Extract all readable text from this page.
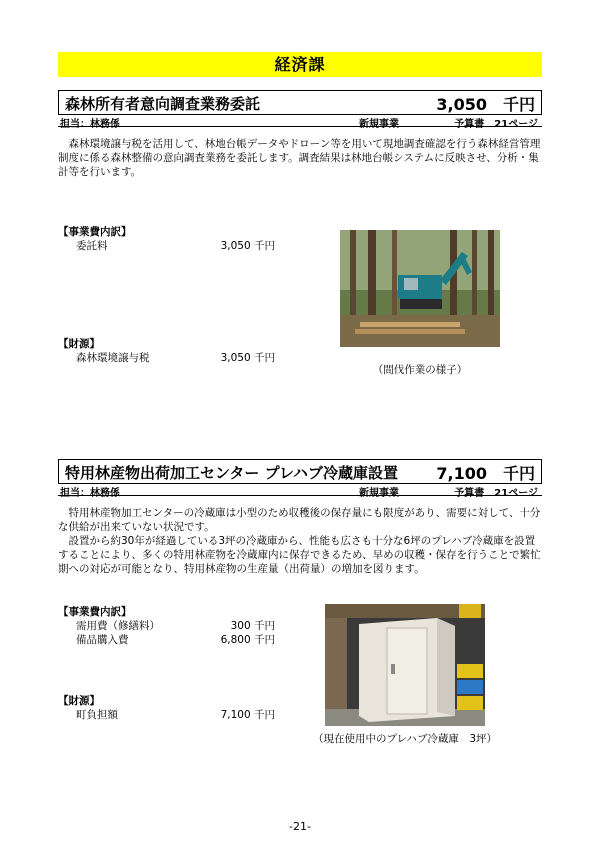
経済課
森林所有者意向調査業務委託	3,050　千円
担当：林務係	新規事業	予算書　21ページ

森林環境譲与税を活用して、林地台帳データやドローン等を用いて現地調査確認を行う森林経営管理制度に係る森林整備の意向調査業務を委託します。調査結果は林地台帳システムに反映させ、分析・集計等を行います。

【事業費内訳】
委託料	3,050 千円
【財源】
森林環境譲与税	3,050 千円
（間伐作業の様子）
特用林産物出荷加工センター プレハブ冷蔵庫設置 7,100　千円
担当：林務係	新規事業	予算書　21ページ

特用林産物加工センターの冷蔵庫は小型のため収穫後の保存量にも限度があり、需要に対して、十分な供給が出来ていない状況です。

設置から約30年が経過している3坪の冷蔵庫から、性能も広さも十分な6坪のプレハブ冷蔵庫を設置することにより、多くの特用林産物を冷蔵庫内に保存できるため、早めの収穫・保存を行うことで繁忙期への対応が可能となり、特用林産物の生産量（出荷量）の増加を図ります。

【事業費内訳】
需用費（修繕料）	300 千円
備品購入費	6,800 千円
【財源】
町負担額	7,100 千円
（現在使用中のプレハブ冷蔵庫　3坪）
-21-
